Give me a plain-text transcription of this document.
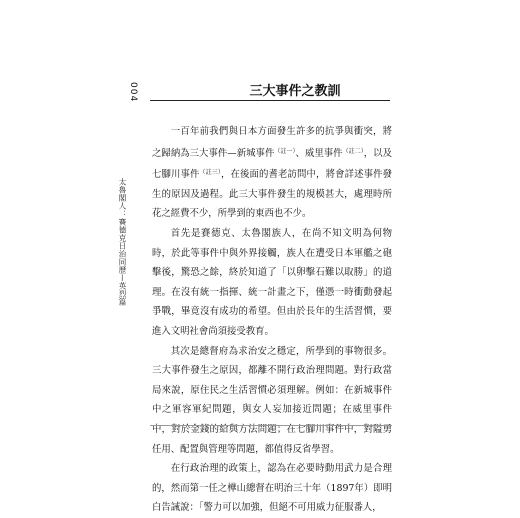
004
太魯閣人：賽德克日治同歷—英烈篇
三大事件之教訓

一百年前我們與日本方面發生許多的抗爭與衝突，將之歸納為三大事件—新城事件$^{(註一)}$、威里事件$^{(註二)}$，以及七腳川事件$^{(註三)}$，在後面的耆老訪問中，將會詳述事件發生的原因及過程。此三大事件發生的規模甚大，處理時所花之經費不少，所學到的東西也不少。

首先是賽德克、太魯閣族人，在尚不知文明為何物時，於此等事件中與外界接觸，族人在遭受日本軍艦之砲擊後，驚恐之餘，終於知道了「以卵擊石難以取勝」的道理。在沒有統一指揮、統一計畫之下，僅憑一時衝動發起爭戰，畢竟沒有成功的希望。但由於長年的生活習慣，要進入文明社會尚須接受教育。

其次是總督府為求治安之穩定，所學到的事物很多。三大事件發生之原因，都離不開行政治理問題。對行政當局來說，原住民之生活習慣必須理解。例如：在新城事件中之軍容軍紀問題，與女人妄加接近問題；在威里事件中，對於金錢的給與方法問題；在七腳川事件中，對隘勇任用、配置與管理等問題，都值得反省學習。

在行政治理的政策上，認為在必要時動用武力是合理的，然而第一任之樺山總督在明治三十年（1897年）即明白告誡說：「警力可以加強，但絕不可用威力征服番人，
